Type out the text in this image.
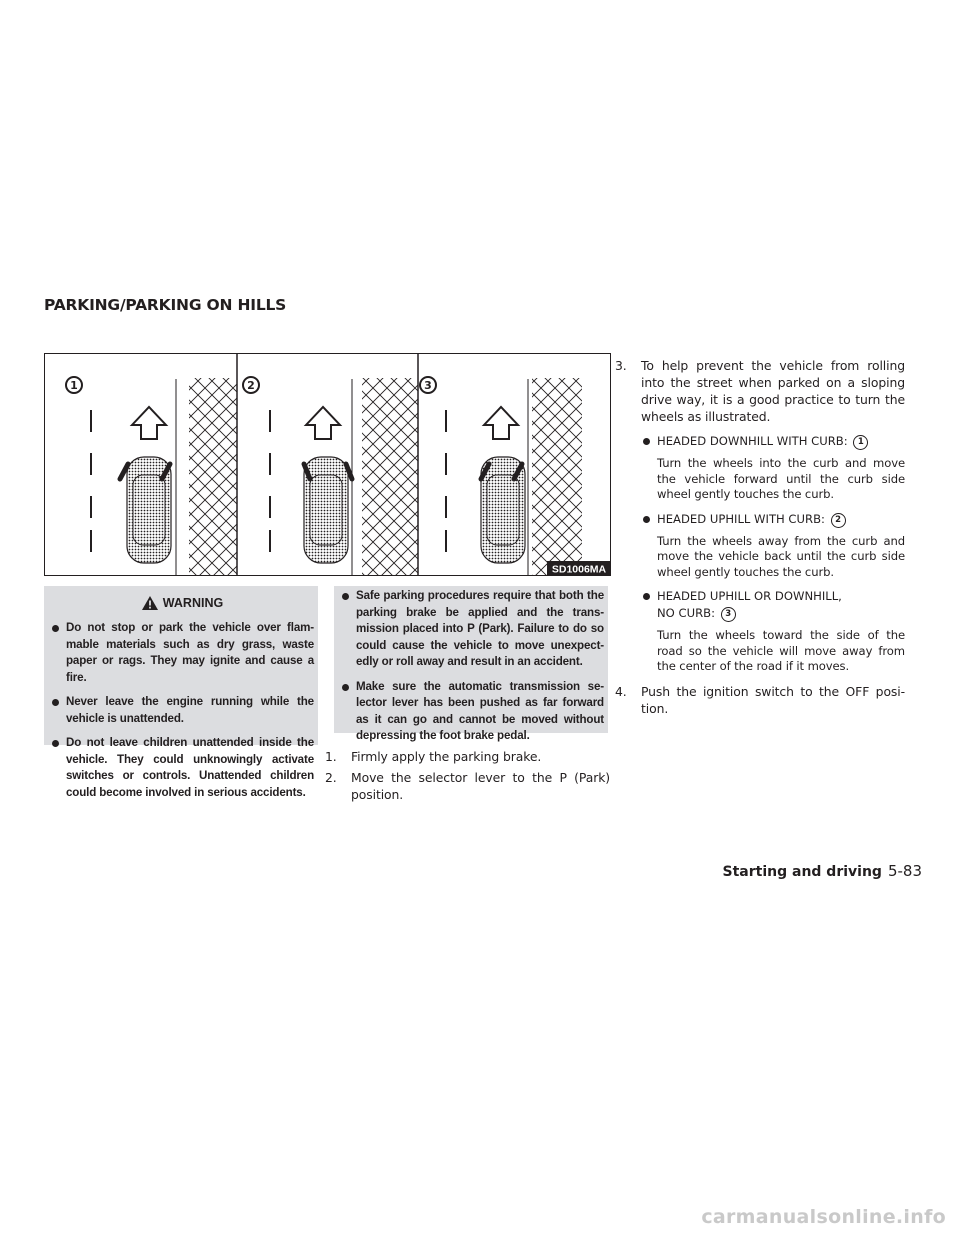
PARKING/PARKING ON HILLS
1	2	3
SD1006MA
WARNING
Do not stop or park the vehicle over flam- mable materials such as dry grass, waste paper or rags. They may ignite and cause a fire.
Never leave the engine running while the vehicle is unattended.
Do not leave children unattended inside the vehicle. They could unknowingly activate switches or controls. Unattended children could become involved in serious accidents.
Safe parking procedures require that both the parking brake be applied and the trans- mission placed into P (Park). Failure to do so could cause the vehicle to move unexpect- edly or roll away and result in an accident.
Make sure the automatic transmission se- lector lever has been pushed as far forward as it can go and cannot be moved without depressing the foot brake pedal.
1. Firmly apply the parking brake.
2. Move the selector lever to the P (Park) position.
3. To help prevent the vehicle from rolling into the street when parked on a sloping drive way, it is a good practice to turn the wheels as illustrated.
HEADED DOWNHILL WITH CURB: 1
Turn the wheels into the curb and move the vehicle forward until the curb side wheel gently touches the curb.
HEADED UPHILL WITH CURB: 2
Turn the wheels away from the curb and move the vehicle back until the curb side wheel gently touches the curb.
HEADED UPHILL OR DOWNHILL,
NO CURB: 3
Turn the wheels toward the side of the road so the vehicle will move away from the center of the road if it moves.
4. Push the ignition switch to the OFF posi- tion.
Starting and driving 5-83
carmanualsonline.info
